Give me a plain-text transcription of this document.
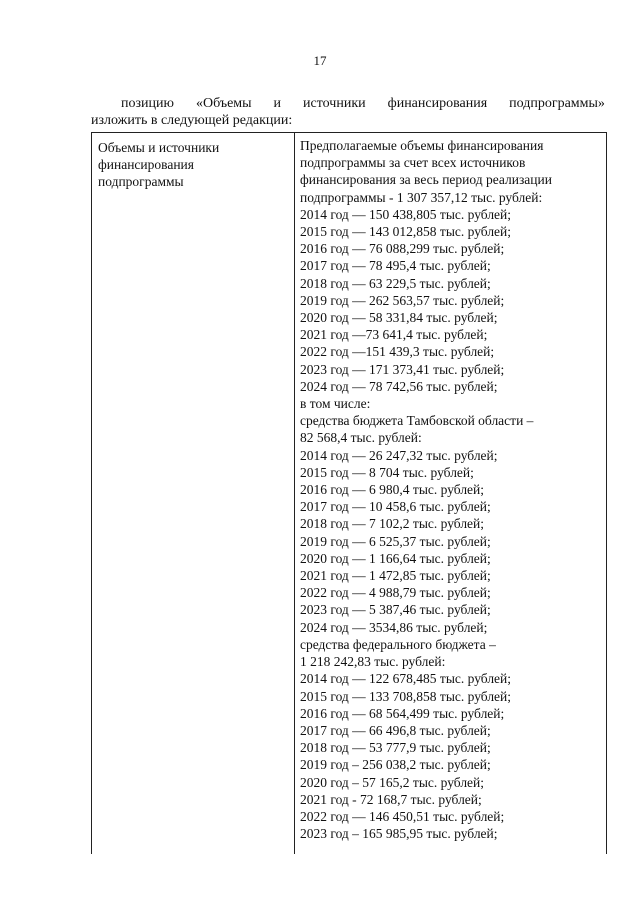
17
позицию «Объемы и источники финансирования подпрограммы»
изложить в следующей редакции:
Объемы и источники
финансирования
подпрограммы
Предполагаемые объемы финансирования
подпрограммы за счет всех источников
финансирования за весь период реализации
подпрограммы - 1 307 357,12 тыс. рублей:
2014 год — 150 438,805 тыс. рублей;
2015 год — 143 012,858 тыс. рублей;
2016 год — 76 088,299 тыс. рублей;
2017 год — 78 495,4 тыс. рублей;
2018 год — 63 229,5 тыс. рублей;
2019 год — 262 563,57 тыс. рублей;
2020 год — 58 331,84 тыс. рублей;
2021 год —73 641,4 тыс. рублей;
2022 год —151 439,3 тыс. рублей;
2023 год — 171 373,41 тыс. рублей;
2024 год — 78 742,56 тыс. рублей;
в том числе:
средства бюджета Тамбовской области –
82 568,4 тыс. рублей:
2014 год — 26 247,32 тыс. рублей;
2015 год — 8 704 тыс. рублей;
2016 год — 6 980,4 тыс. рублей;
2017 год — 10 458,6 тыс. рублей;
2018 год — 7 102,2 тыс. рублей;
2019 год — 6 525,37 тыс. рублей;
2020 год — 1 166,64 тыс. рублей;
2021 год — 1 472,85 тыс. рублей;
2022 год — 4 988,79 тыс. рублей;
2023 год — 5 387,46 тыс. рублей;
2024 год — 3534,86 тыс. рублей;
средства федерального бюджета –
1 218 242,83 тыс. рублей:
2014 год — 122 678,485 тыс. рублей;
2015 год — 133 708,858 тыс. рублей;
2016 год — 68 564,499 тыс. рублей;
2017 год — 66 496,8 тыс. рублей;
2018 год — 53 777,9 тыс. рублей;
2019 год – 256 038,2 тыс. рублей;
2020 год – 57 165,2 тыс. рублей;
2021 год - 72 168,7 тыс. рублей;
2022 год — 146 450,51 тыс. рублей;
2023 год – 165 985,95 тыс. рублей;
